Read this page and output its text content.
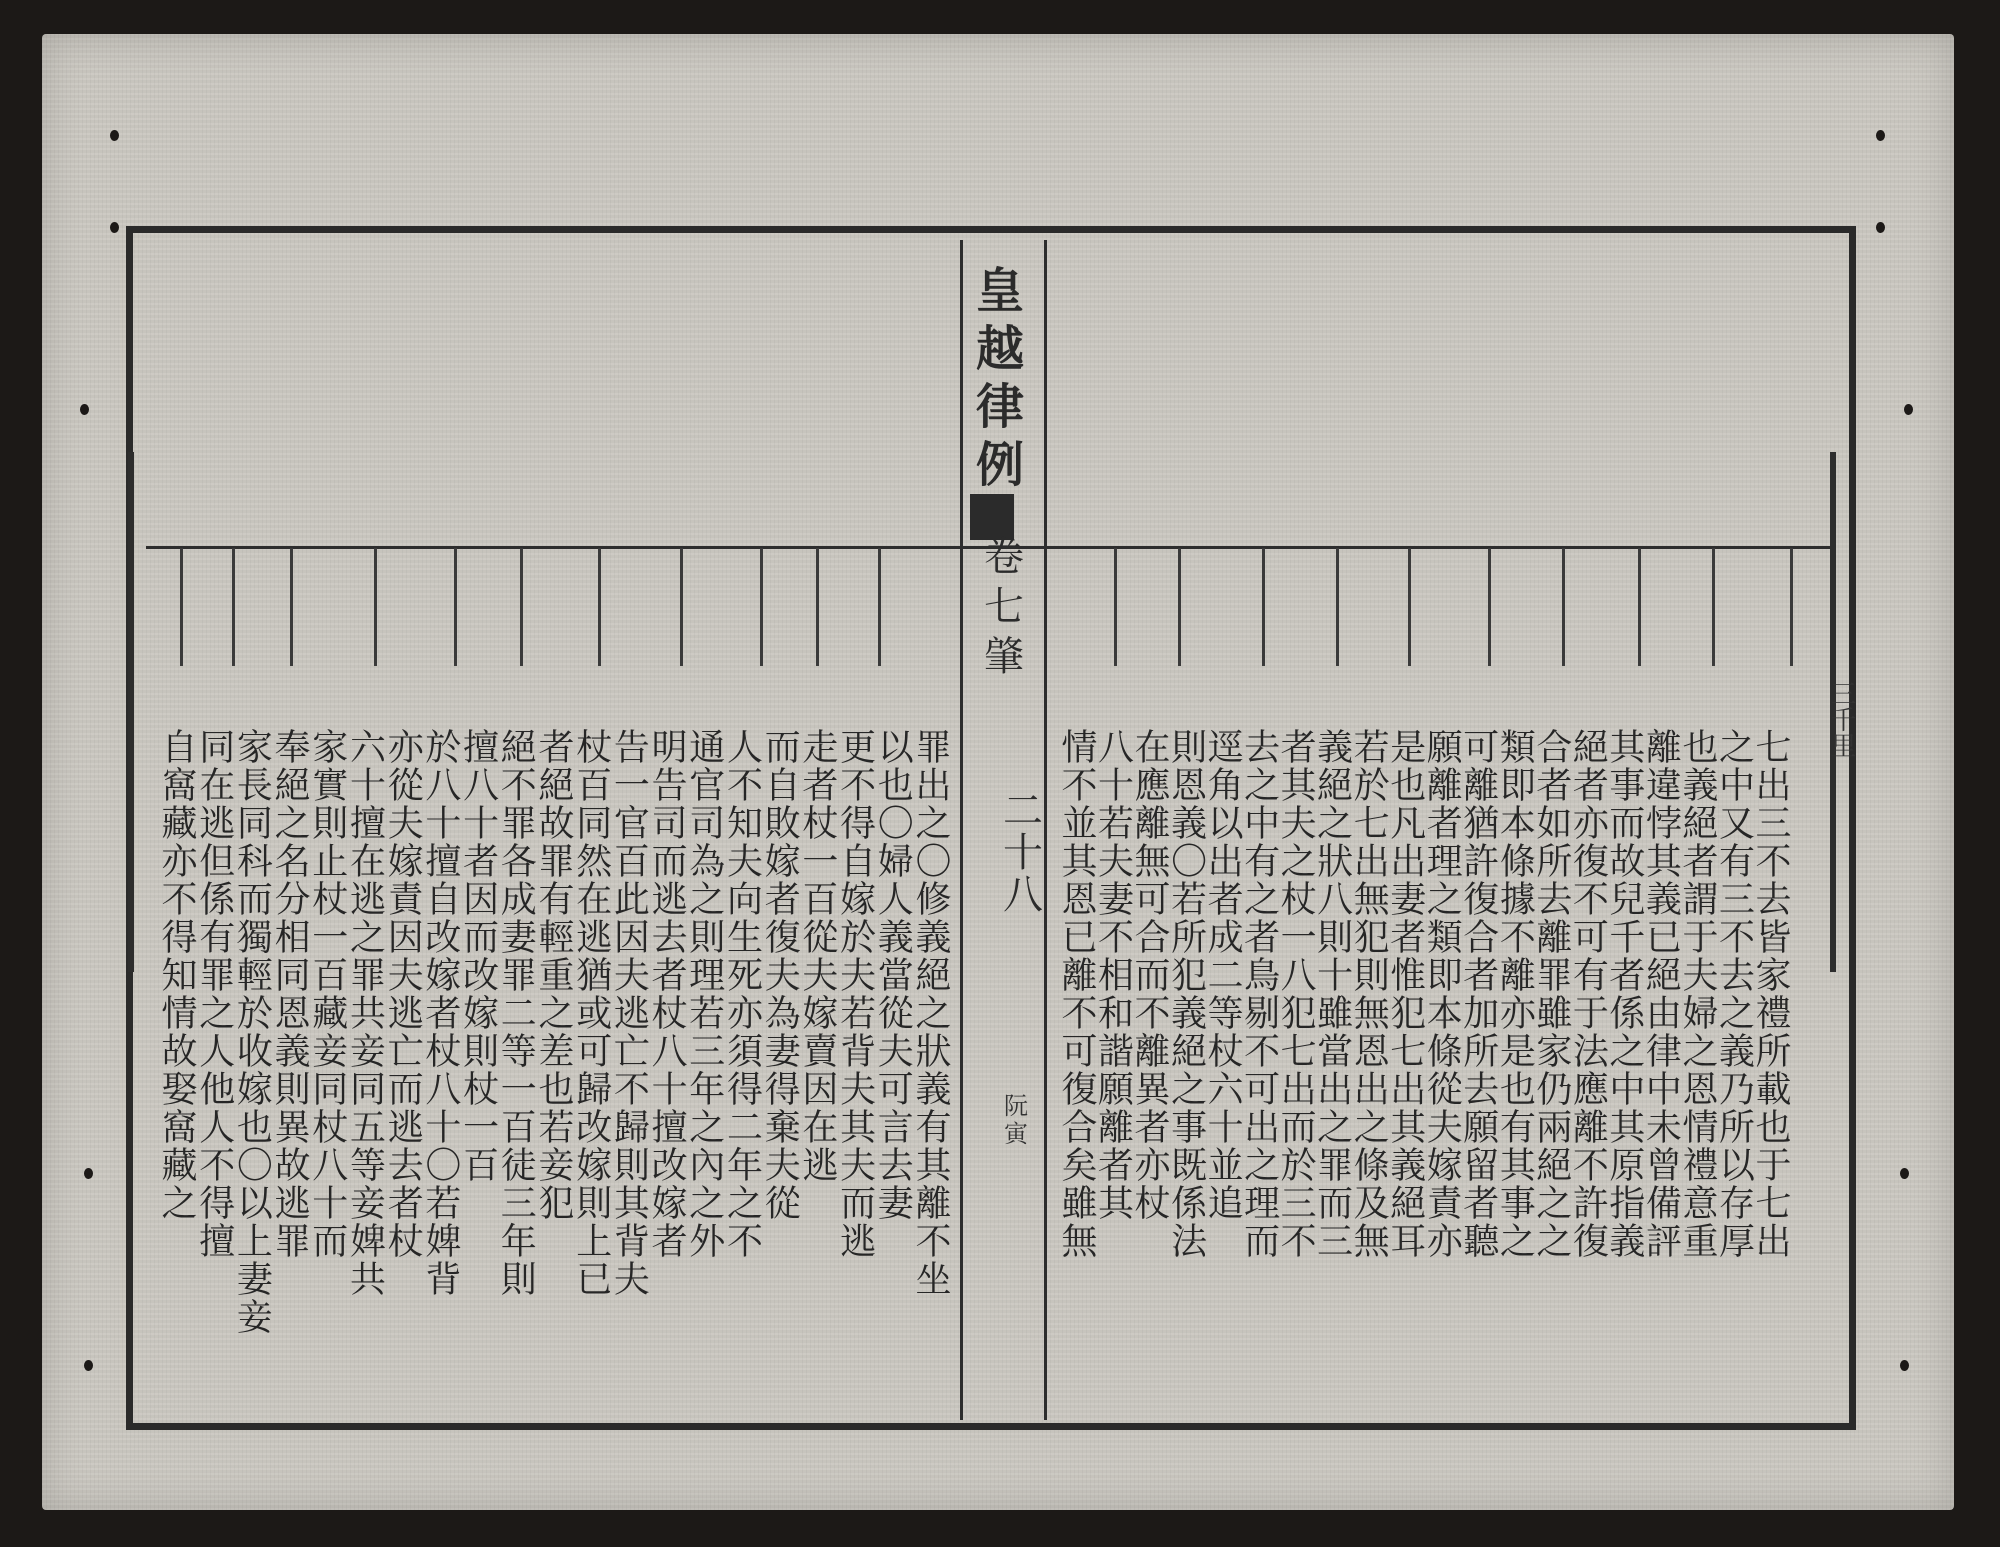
皇越律例
卷七肇
二十八
阮寅
三千里
七出三不去皆家禮所載也于七出
之中又有三不去之義乃所以存厚
也義絕者謂于夫婦之恩情禮意重
離違悖其義已絕由律中未曾備評
其事而故兒千者係之中其原指義
絕者亦復不可有于法應離不許復
合者如所去離罪雖家仍兩絕之之
類即本條據不離亦是也有其事之
可離猶許復合者加所去願留者聽
願離者理之類即本條從夫嫁責亦
是也凡出妻者惟犯七出其義絕耳
若於七出無犯則無恩出之條及無
義絕之狀八則十雖當出之罪而三
者其夫之杖一八犯七出而於三不
去之中有之者鳥剔不可出之理而
逕角以出者成二等杖六十並追
則恩義〇若所犯義絕之事既係法
在應離無可合而不離異者亦杖
八十若夫妻不相和諧願離者其
情不並其恩已離不可復合矣雖無
罪出之〇修義絕之狀義有其離不坐
以也〇婦人義當從夫可言去妻
更不得自嫁於夫若背夫其夫而逃
走者杖一百從夫嫁賣因在逃
而自敗嫁者復夫為妻得棄夫從
人不知夫向生死亦須得二年之不
通官司為之則理若三年之內之外
明告司而逃去者杖八十擅改嫁者
告一官百此因夫逃亡不歸則其背夫
杖百同然在逃猶或可歸改嫁則上已
者絕故罪有輕重之差也若妾犯
絕不罪各成妻罪二等一百徒三年則
擅八十者因而改嫁則杖一百
於八十擅自改嫁者杖八十〇若婢背
亦從夫嫁責因夫逃亡而逃去者杖
六十擅在逃之罪共妾同五等妾婢共
家實則止杖一百藏妾同杖八十而
奉絕之名分相同恩義則異故逃罪
家長同科而獨輕於收嫁也〇以上妻妾
同在逃但係有罪之人他人不得擅
自窩藏亦不得知情故娶窩藏之
